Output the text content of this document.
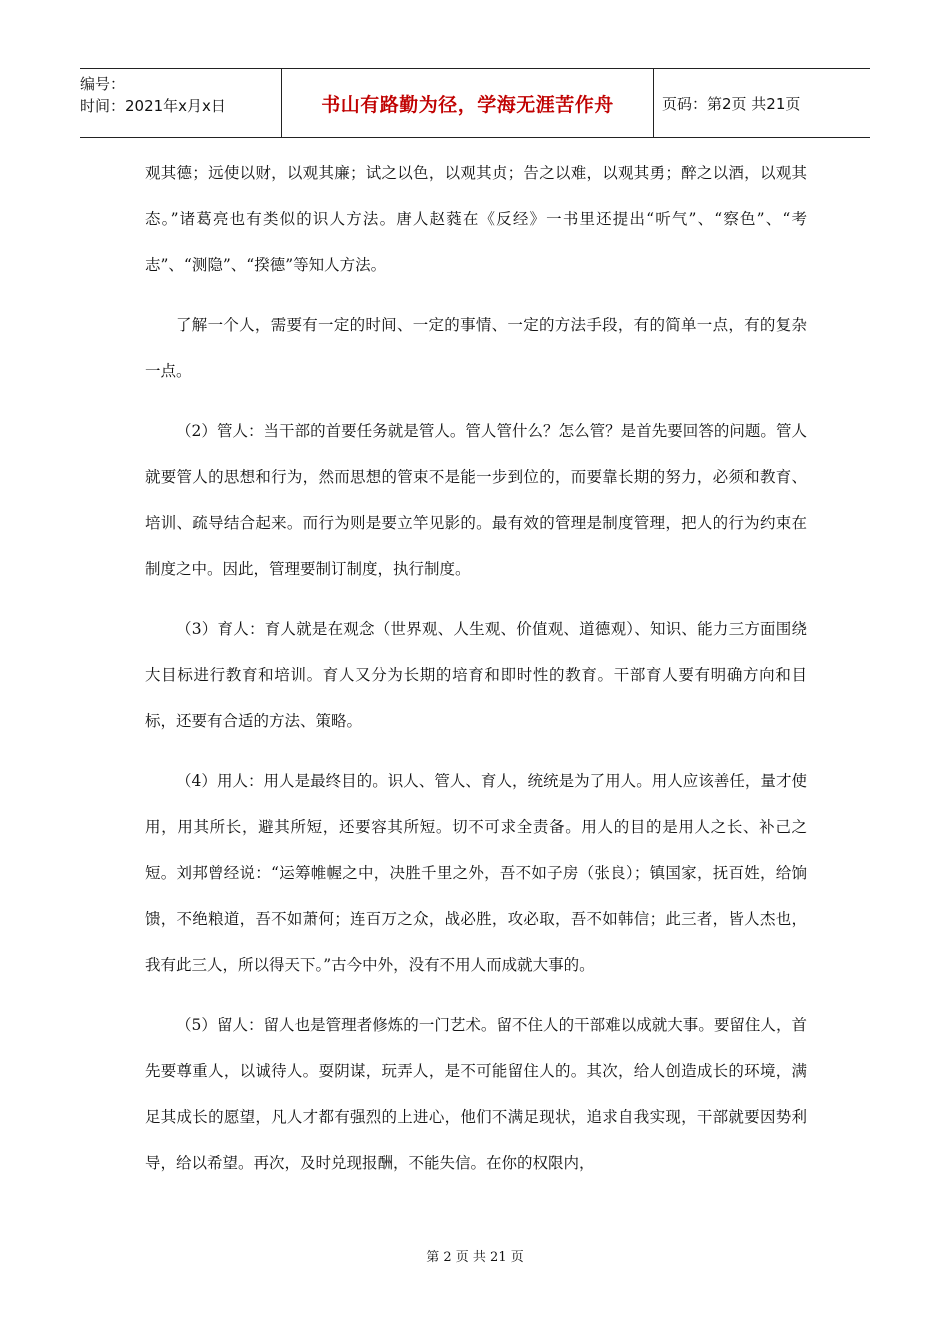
编号：
时间：2021年x月x日	书山有路勤为径，学海无涯苦作舟	页码：第2页 共21页

观其德；远使以财，以观其廉；试之以色，以观其贞；告之以难，以观其勇；醉之以酒，以观其态。”诸葛亮也有类似的识人方法。唐人赵蕤在《反经》一书里还提出“听气”、“察色”、“考志”、“测隐”、“揆德”等知人方法。

了解一个人，需要有一定的时间、一定的事情、一定的方法手段，有的简单一点，有的复杂一点。

（2）管人：当干部的首要任务就是管人。管人管什么？怎么管？是首先要回答的问题。管人就要管人的思想和行为，然而思想的管束不是能一步到位的，而要靠长期的努力，必须和教育、培训、疏导结合起来。而行为则是要立竿见影的。最有效的管理是制度管理，把人的行为约束在制度之中。因此，管理要制订制度，执行制度。

（3）育人：育人就是在观念（世界观、人生观、价值观、道德观）、知识、能力三方面围绕大目标进行教育和培训。育人又分为长期的培育和即时性的教育。干部育人要有明确方向和目标，还要有合适的方法、策略。

（4）用人：用人是最终目的。识人、管人、育人，统统是为了用人。用人应该善任，量才使用，用其所长，避其所短，还要容其所短。切不可求全责备。用人的目的是用人之长、补己之短。刘邦曾经说：“运筹帷幄之中，决胜千里之外，吾不如子房（张良）；镇国家，抚百姓，给饷馈，不绝粮道，吾不如萧何；连百万之众，战必胜，攻必取，吾不如韩信；此三者，皆人杰也，我有此三人，所以得天下。”古今中外，没有不用人而成就大事的。

（5）留人：留人也是管理者修炼的一门艺术。留不住人的干部难以成就大事。要留住人，首先要尊重人，以诚待人。耍阴谋，玩弄人，是不可能留住人的。其次，给人创造成长的环境，满足其成长的愿望，凡人才都有强烈的上进心，他们不满足现状，追求自我实现，干部就要因势利导，给以希望。再次，及时兑现报酬，不能失信。在你的权限内，

第 2 页 共 21 页
